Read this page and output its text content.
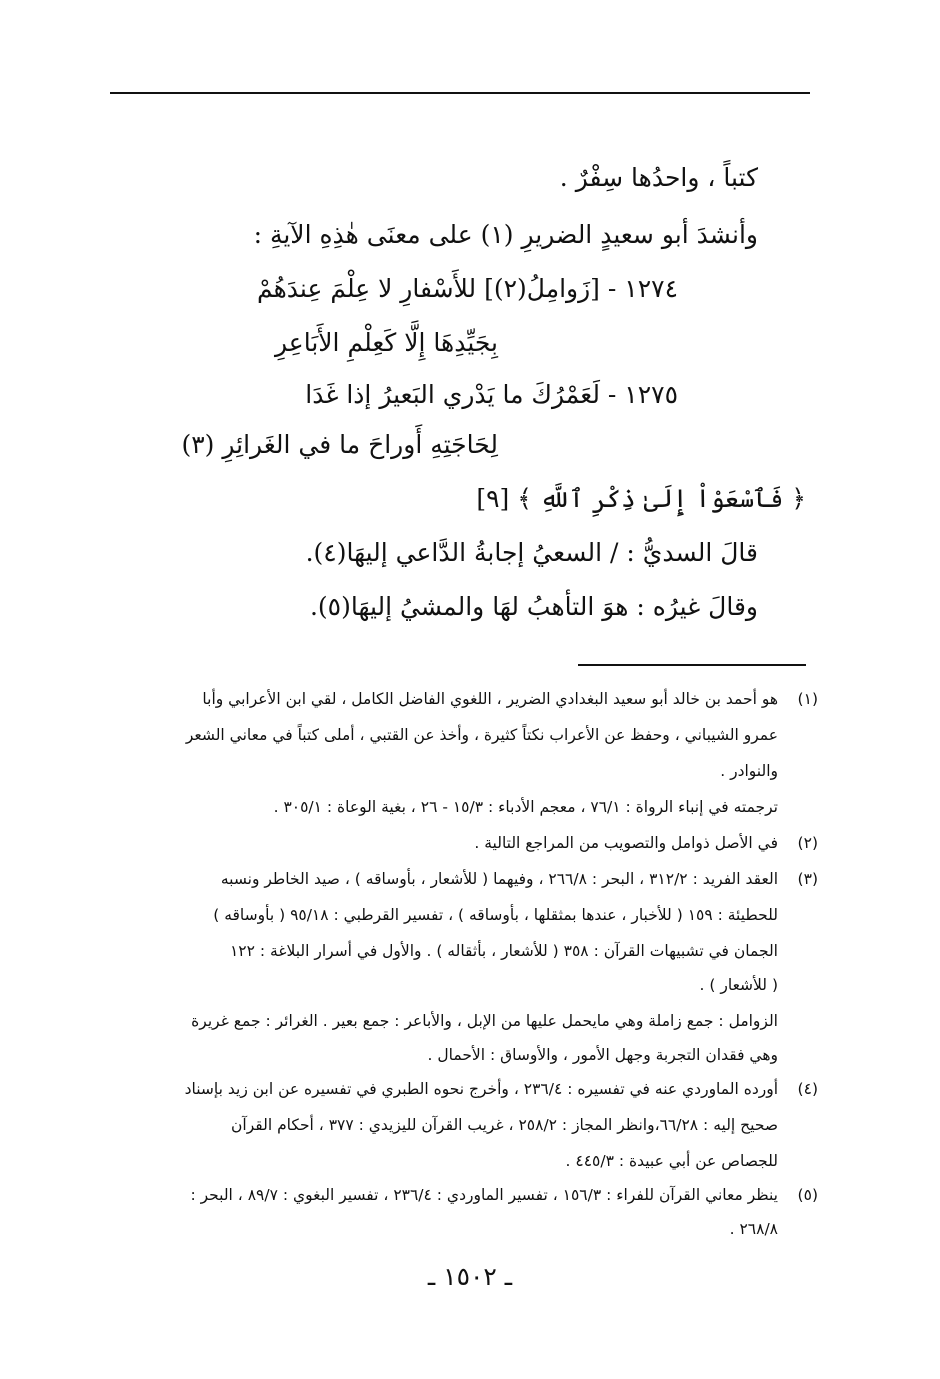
كتباً ، واحدُها سِفْرٌ .
وأنشدَ أبو سعيدٍ الضريرِ (١) على معنَى هٰذِهِ الآيةِ :
١٢٧٤ - [زَوامِلُ(٢)] للأَسْفارِ لا عِلْمَ عِندَهُمْ
بِجَيِّدِهَا إِلَّا كَعِلْمِ الأَبَاعِرِ
١٢٧٥ - لَعَمْرُكَ ما يَدْري البَعيرُ إذا غَدَا
لِحَاجَتِهِ أَوراحَ ما في الغَرائِرِ (٣)
﴿ فَٱسْعَوْاْ إِلَىٰ ذِكْرِ ٱللَّهِ ﴾ [٩]
قالَ السديُّ : / السعيُ إجابةُ الدَّاعي إليهَا(٤).
وقالَ غيرُه : هوَ التأهبُ لهَا والمشيُ إليهَا(٥).
(١)
هو أحمد بن خالد أبو سعيد البغدادي الضرير ، اللغوي الفاضل الكامل ، لقي ابن الأعرابي وأبا
عمرو الشيباني ، وحفظ عن الأعراب نكتاً كثيرة ، وأخذ عن القتبي ، أملى كتباً في معاني الشعر
والنوادر .
ترجمته في إنباء الرواة : ٧٦/١ ، معجم الأدباء : ١٥/٣ - ٢٦ ، بغية الوعاة : ٣٠٥/١ .
(٢)
في الأصل ذوامل والتصويب من المراجع التالية .
(٣)
العقد الفريد : ٣١٢/٢ ، البحر : ٢٦٦/٨ ، وفيهما ( للأشعار ، بأوساقه ) ، صيد الخاطر ونسبه
للحطيئة : ١٥٩ ( للأخبار ، عندها بمثقلها ، بأوساقه ) ، تفسير القرطبي : ٩٥/١٨ ( بأوساقه )
الجمان في تشبيهات القرآن : ٣٥٨ ( للأشعار ، بأثقاله ) . والأول في أسرار البلاغة : ١٢٢
( للأشعار ) .
الزوامل : جمع زاملة وهي مايحمل عليها من الإبل ، والأباعر : جمع بعير . الغرائر : جمع غريرة
وهي فقدان التجربة وجهل الأمور ، والأوساق : الأحمال .
(٤)
أورده الماوردي عنه في تفسيره : ٢٣٦/٤ ، وأخرج نحوه الطبري في تفسيره عن ابن زيد بإسناد
صحيح إليه : ٦٦/٢٨،وانظر المجاز : ٢٥٨/٢ ، غريب القرآن لليزيدي : ٣٧٧ ، أحكام القرآن
للجصاص عن أبي عبيدة : ٤٤٥/٣ .
(٥)
ينظر معاني القرآن للفراء : ١٥٦/٣ ، تفسير الماوردي : ٢٣٦/٤ ، تفسير البغوي : ٨٩/٧ ، البحر :
٢٦٨/٨ .
ـ ١٥٠٢ ـ
